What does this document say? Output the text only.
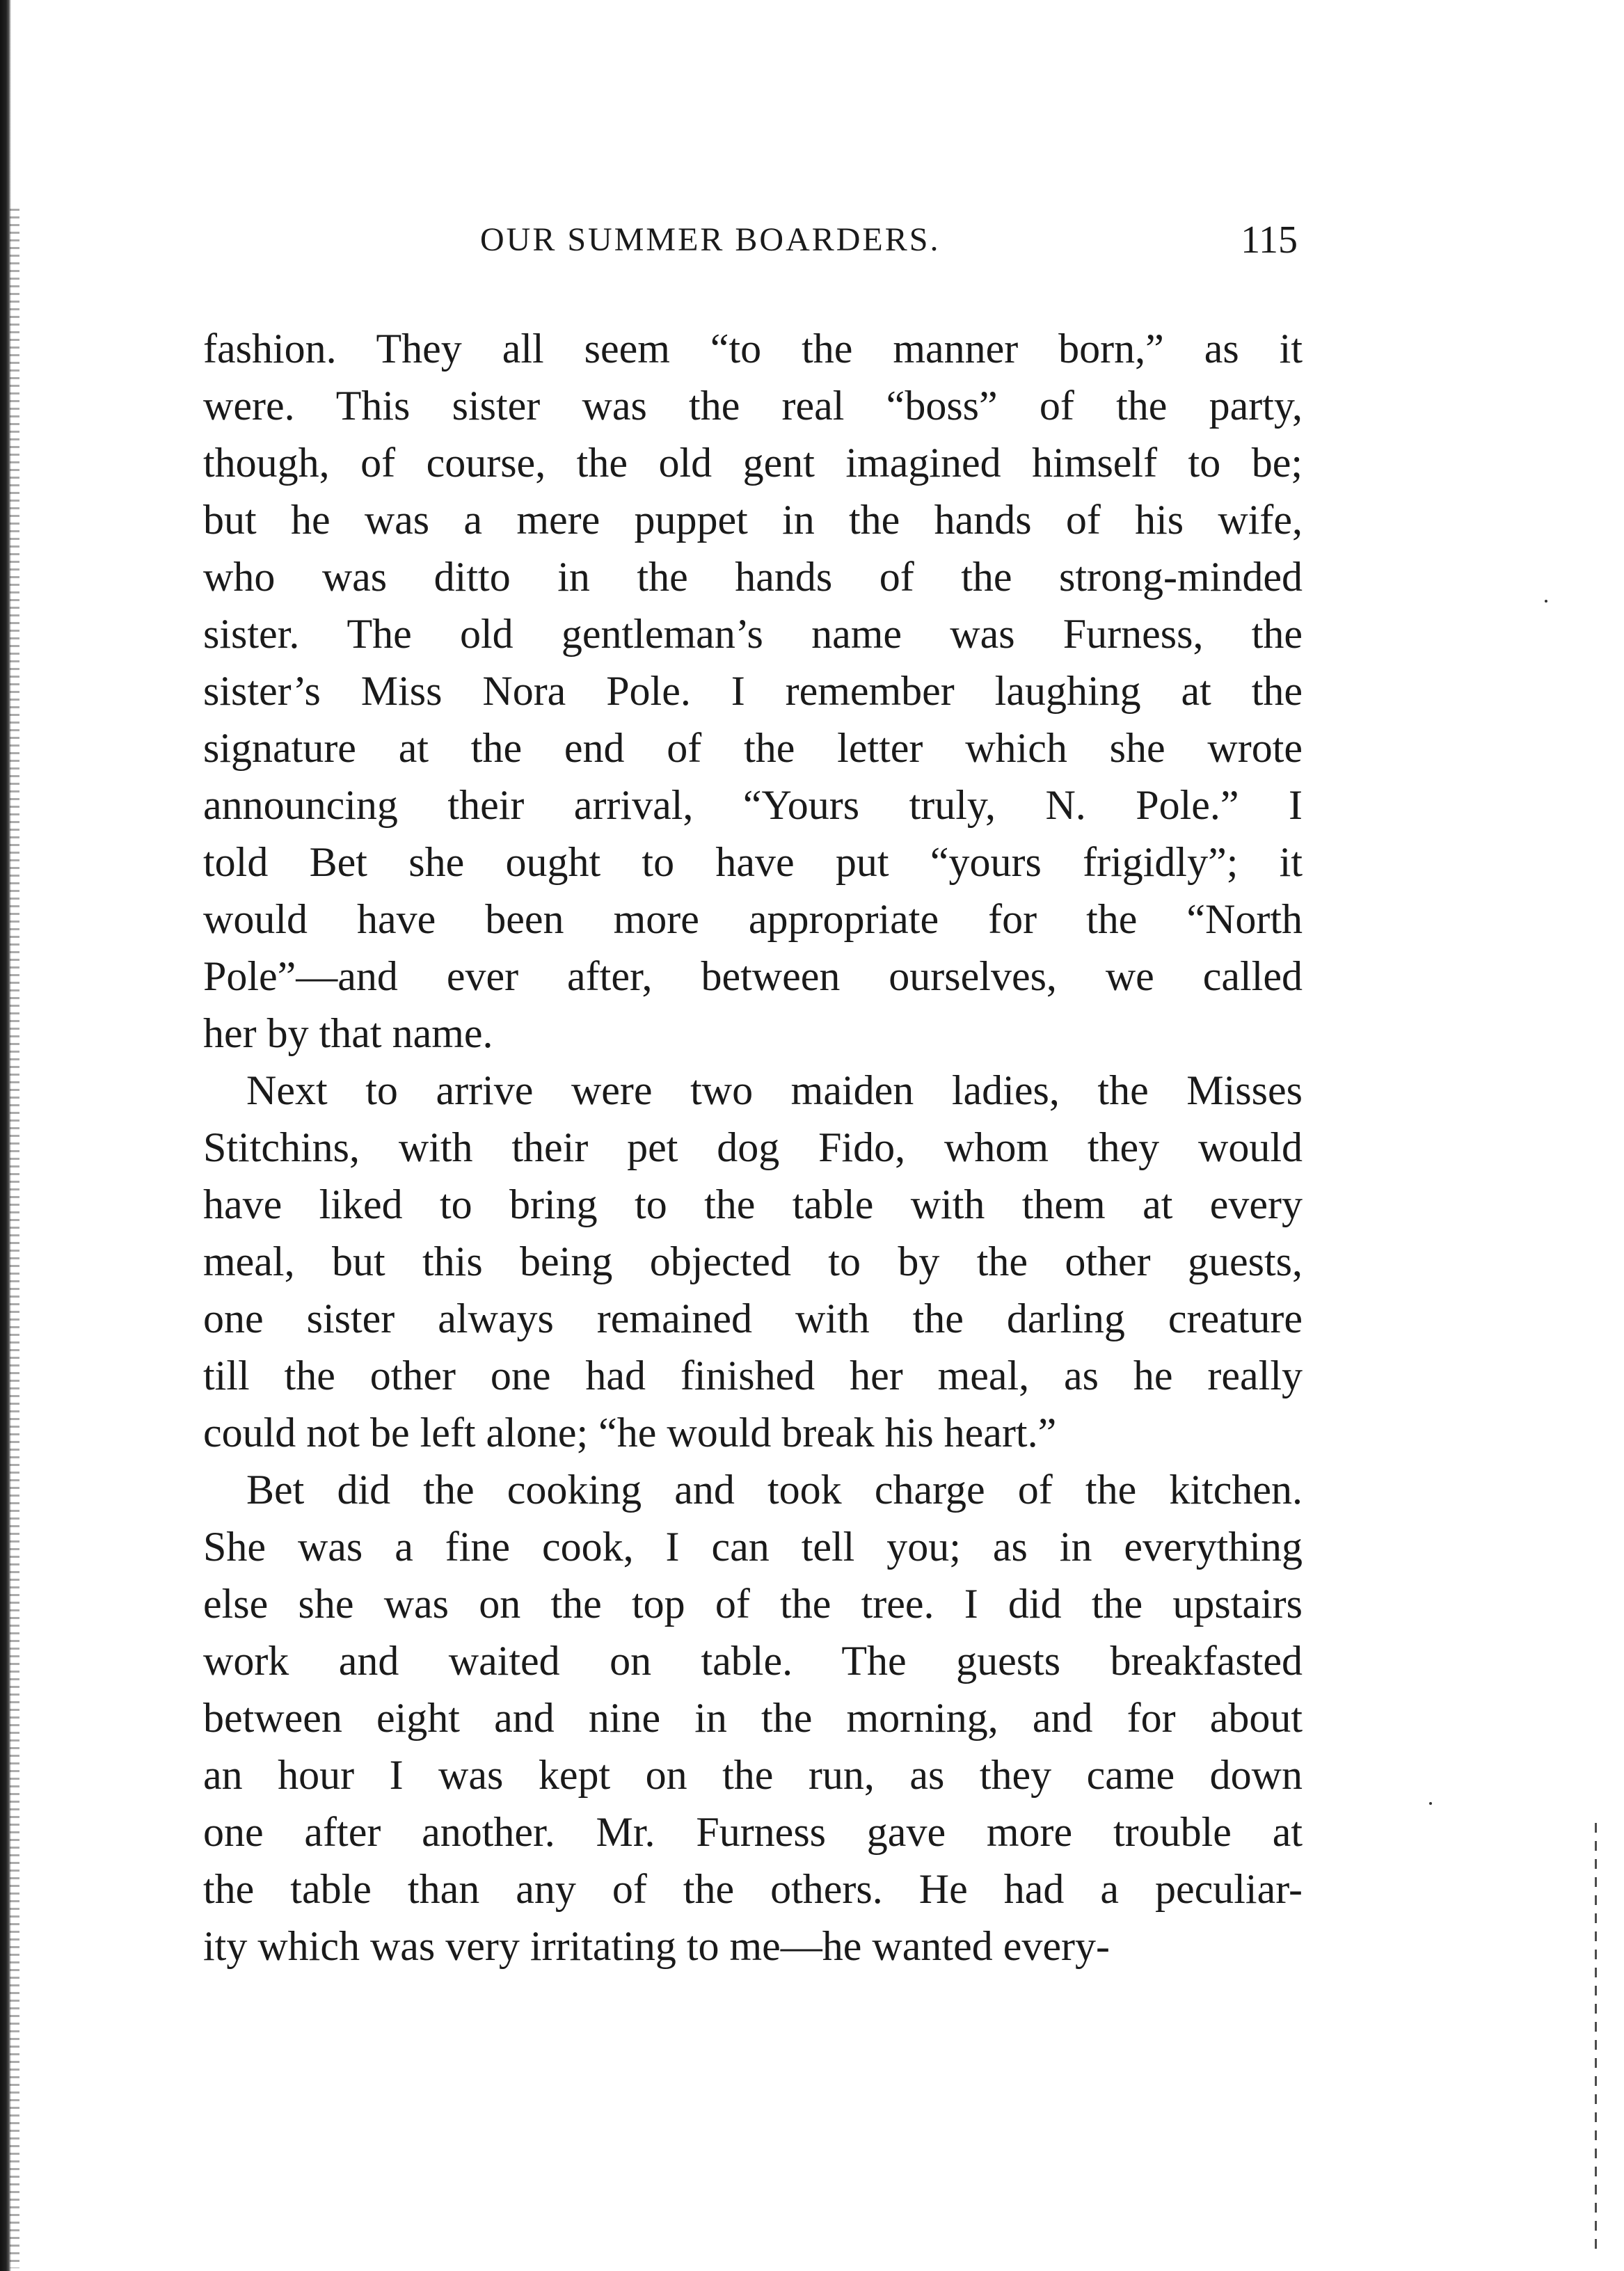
OUR SUMMER BOARDERS.	115

fashion. They all seem “to the manner born,” as it
were. This sister was the real “boss” of the party,
though, of course, the old gent imagined himself to be;
but he was a mere puppet in the hands of his wife,
who was ditto in the hands of the strong-minded
sister. The old gentleman’s name was Furness, the
sister’s Miss Nora Pole. I remember laughing at the
signature at the end of the letter which she wrote
announcing their arrival, “Yours truly, N. Pole.” I
told Bet she ought to have put “yours frigidly”; it
would have been more appropriate for the “North
Pole”—and ever after, between ourselves, we called
her by that name.

Next to arrive were two maiden ladies, the Misses
Stitchins, with their pet dog Fido, whom they would
have liked to bring to the table with them at every
meal, but this being objected to by the other guests,
one sister always remained with the darling creature
till the other one had finished her meal, as he really
could not be left alone; “he would break his heart.”

Bet did the cooking and took charge of the kitchen.
She was a fine cook, I can tell you; as in everything
else she was on the top of the tree. I did the upstairs
work and waited on table. The guests breakfasted
between eight and nine in the morning, and for about
an hour I was kept on the run, as they came down
one after another. Mr. Furness gave more trouble at
the table than any of the others. He had a peculiar-
ity which was very irritating to me—he wanted every-
